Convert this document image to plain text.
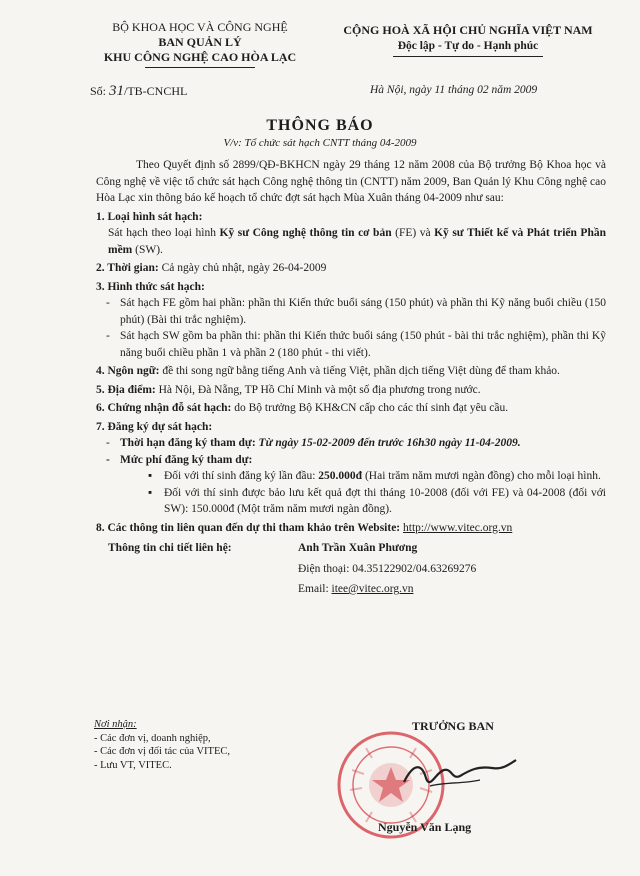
BỘ KHOA HỌC VÀ CÔNG NGHỆ
BAN QUẢN LÝ
KHU CÔNG NGHỆ CAO HÒA LẠC
CỘNG HOÀ XÃ HỘI CHỦ NGHĨA VIỆT NAM
Độc lập - Tự do - Hạnh phúc
Số: 31/TB-CNCHL	Hà Nội, ngày 11 tháng 02 năm 2009
THÔNG BÁO
V/v: Tổ chức sát hạch CNTT tháng 04-2009

Theo Quyết định số 2899/QĐ-BKHCN ngày 29 tháng 12 năm 2008 của Bộ trưởng Bộ Khoa học và Công nghệ về việc tổ chức sát hạch Công nghệ thông tin (CNTT) năm 2009, Ban Quản lý Khu Công nghệ cao Hòa Lạc xin thông báo kế hoạch tổ chức đợt sát hạch Mùa Xuân tháng 04-2009 như sau:

1. Loại hình sát hạch:

Sát hạch theo loại hình Kỹ sư Công nghệ thông tin cơ bản (FE) và Kỹ sư Thiết kế và Phát triển Phần mềm (SW).

2. Thời gian: Cả ngày chủ nhật, ngày 26-04-2009

3. Hình thức sát hạch:

- Sát hạch FE gồm hai phần: phần thi Kiến thức buổi sáng (150 phút) và phần thi Kỹ năng buổi chiều (150 phút) (Bài thi trắc nghiệm).

- Sát hạch SW gồm ba phần thi: phần thi Kiến thức buổi sáng (150 phút - bài thi trắc nghiệm), phần thi Kỹ năng buổi chiều phần 1 và phần 2 (180 phút - thi viết).

4. Ngôn ngữ: đề thi song ngữ bằng tiếng Anh và tiếng Việt, phần dịch tiếng Việt dùng để tham khảo.

5. Địa điểm: Hà Nội, Đà Nẵng, TP Hồ Chí Minh và một số địa phương trong nước.

6. Chứng nhận đỗ sát hạch: do Bộ trưởng Bộ KH&CN cấp cho các thí sinh đạt yêu cầu.

7. Đăng ký dự sát hạch:

- Thời hạn đăng ký tham dự: Từ ngày 15-02-2009 đến trước 16h30 ngày 11-04-2009.

- Mức phí đăng ký tham dự:

▪ Đối với thí sinh đăng ký lần đầu: 250.000đ (Hai trăm năm mươi ngàn đồng) cho mỗi loại hình.

▪ Đối với thí sinh được bảo lưu kết quả đợt thi tháng 10-2008 (đối với FE) và 04-2008 (đối với SW): 150.000đ (Một trăm năm mươi ngàn đồng).

8. Các thông tin liên quan đến dự thi tham khảo trên Website: http://www.vitec.org.vn

Thông tin chi tiết liên hệ:	Anh Trần Xuân Phương
	Điện thoại: 04.35122902/04.63269276
	Email: itee@vitec.org.vn
Nơi nhận:
- Các đơn vị, doanh nghiệp,
- Các đơn vị đối tác của VITEC,
- Lưu VT, VITEC.
TRƯỞNG BAN
Nguyễn Văn Lạng
